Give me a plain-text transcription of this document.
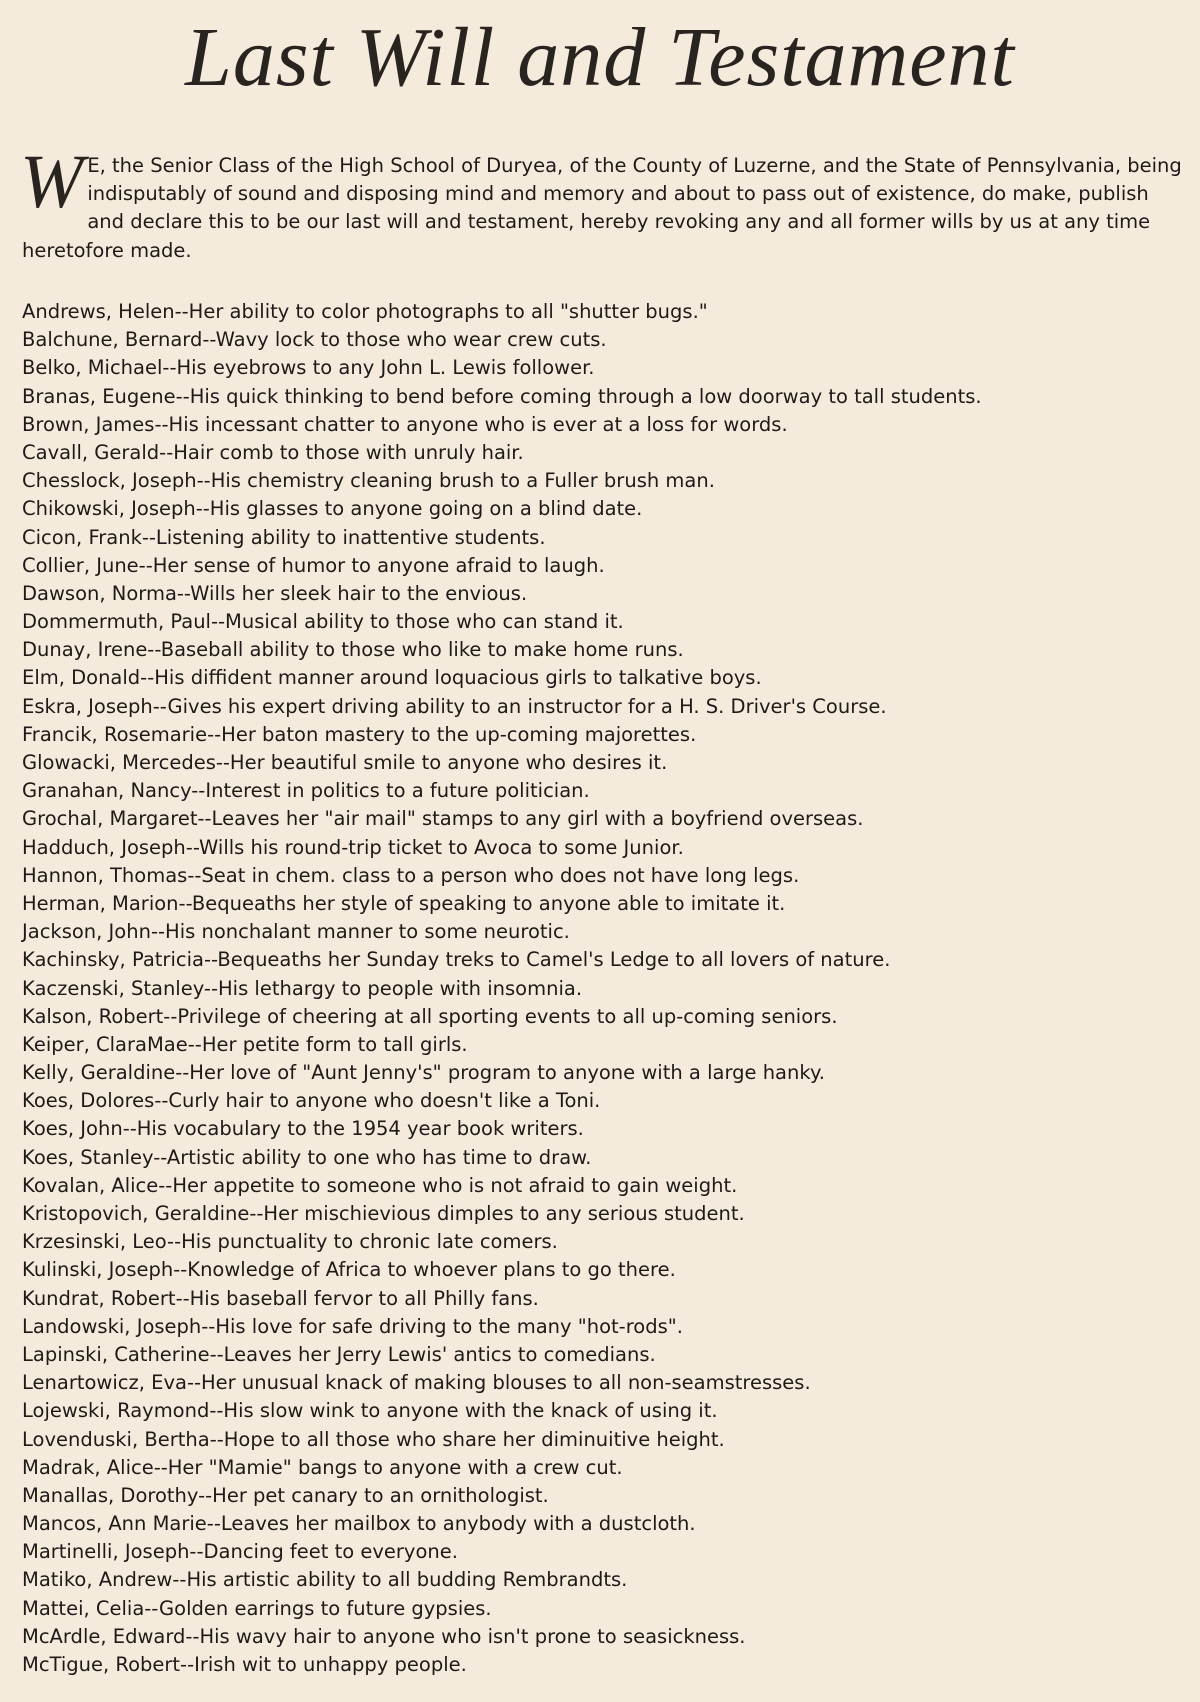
Last Will and Testament
W E, the Senior Class of the High School of Duryea, of the County of Luzerne, and the State of Pennsylvania, being indisputably of sound and disposing mind and memory and about to pass out of existence, do make, publish and declare this to be our last will and testament, hereby revoking any and all former wills by us at any time heretofore made.
Andrews, Helen--Her ability to color photographs to all "shutter bugs."
Balchune, Bernard--Wavy lock to those who wear crew cuts.
Belko, Michael--His eyebrows to any John L. Lewis follower.
Branas, Eugene--His quick thinking to bend before coming through a low doorway to tall students.
Brown, James--His incessant chatter to anyone who is ever at a loss for words.
Cavall, Gerald--Hair comb to those with unruly hair.
Chesslock, Joseph--His chemistry cleaning brush to a Fuller brush man.
Chikowski, Joseph--His glasses to anyone going on a blind date.
Cicon, Frank--Listening ability to inattentive students.
Collier, June--Her sense of humor to anyone afraid to laugh.
Dawson, Norma--Wills her sleek hair to the envious.
Dommermuth, Paul--Musical ability to those who can stand it.
Dunay, Irene--Baseball ability to those who like to make home runs.
Elm, Donald--His diffident manner around loquacious girls to talkative boys.
Eskra, Joseph--Gives his expert driving ability to an instructor for a H. S. Driver's Course.
Francik, Rosemarie--Her baton mastery to the up-coming majorettes.
Glowacki, Mercedes--Her beautiful smile to anyone who desires it.
Granahan, Nancy--Interest in politics to a future politician.
Grochal, Margaret--Leaves her "air mail" stamps to any girl with a boyfriend overseas.
Hadduch, Joseph--Wills his round-trip ticket to Avoca to some Junior.
Hannon, Thomas--Seat in chem. class to a person who does not have long legs.
Herman, Marion--Bequeaths her style of speaking to anyone able to imitate it.
Jackson, John--His nonchalant manner to some neurotic.
Kachinsky, Patricia--Bequeaths her Sunday treks to Camel's Ledge to all lovers of nature.
Kaczenski, Stanley--His lethargy to people with insomnia.
Kalson, Robert--Privilege of cheering at all sporting events to all up-coming seniors.
Keiper, ClaraMae--Her petite form to tall girls.
Kelly, Geraldine--Her love of "Aunt Jenny's" program to anyone with a large hanky.
Koes, Dolores--Curly hair to anyone who doesn't like a Toni.
Koes, John--His vocabulary to the 1954 year book writers.
Koes, Stanley--Artistic ability to one who has time to draw.
Kovalan, Alice--Her appetite to someone who is not afraid to gain weight.
Kristopovich, Geraldine--Her mischievious dimples to any serious student.
Krzesinski, Leo--His punctuality to chronic late comers.
Kulinski, Joseph--Knowledge of Africa to whoever plans to go there.
Kundrat, Robert--His baseball fervor to all Philly fans.
Landowski, Joseph--His love for safe driving to the many "hot-rods".
Lapinski, Catherine--Leaves her Jerry Lewis' antics to comedians.
Lenartowicz, Eva--Her unusual knack of making blouses to all non-seamstresses.
Lojewski, Raymond--His slow wink to anyone with the knack of using it.
Lovenduski, Bertha--Hope to all those who share her diminuitive height.
Madrak, Alice--Her "Mamie" bangs to anyone with a crew cut.
Manallas, Dorothy--Her pet canary to an ornithologist.
Mancos, Ann Marie--Leaves her mailbox to anybody with a dustcloth.
Martinelli, Joseph--Dancing feet to everyone.
Matiko, Andrew--His artistic ability to all budding Rembrandts.
Mattei, Celia--Golden earrings to future gypsies.
McArdle, Edward--His wavy hair to anyone who isn't prone to seasickness.
McTigue, Robert--Irish wit to unhappy people.
